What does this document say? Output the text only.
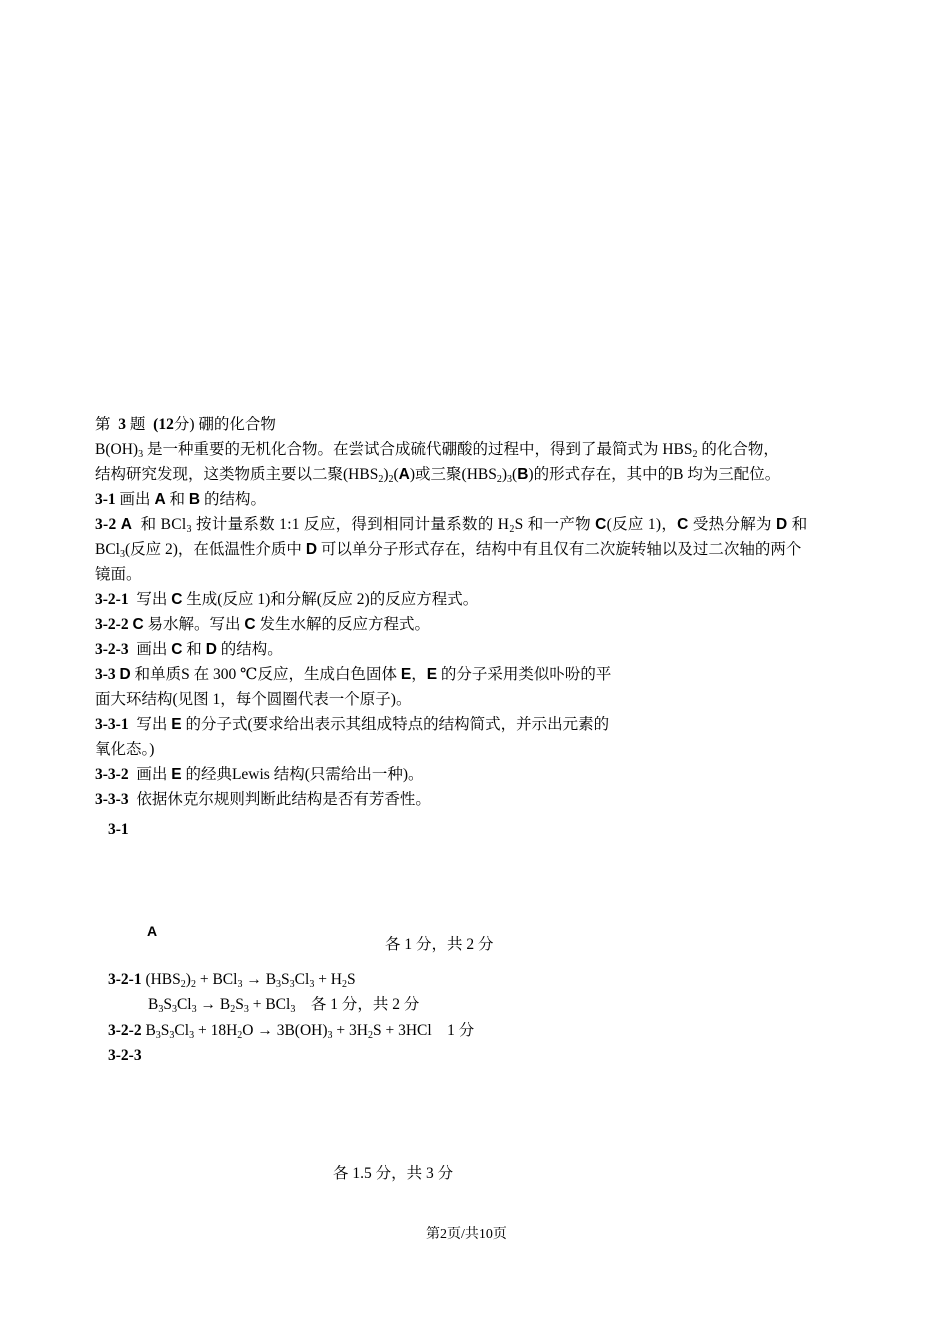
第 3 题 (12分) 硼的化合物
$B(OH)_3$ 是一种重要的无机化合物。在尝试合成硫代硼酸的过程中，得到了最简式为 $HBS_2$ 的化合物，
结构研究发现，这类物质主要以二聚$(HBS_2)_2(A)$或三聚$(HBS_2)_3(B)$的形式存在，其中的B 均为三配位。
3-1 画出 A 和 B 的结构。
3-2 A  和 BCl$_3$ 按计量系数 1:1 反应，得到相同计量系数的 $H_2S$ 和一产物 C(反应 1)，C 受热分解为 D 和
BCl$_3$(反应 2)，在低温性介质中 D 可以单分子形式存在，结构中有且仅有二次旋转轴以及过二次轴的两个
镜面。
3-2-1  写出 C 生成(反应 1)和分解(反应 2)的反应方程式。
3-2-2 C 易水解。写出 C 发生水解的反应方程式。
3-2-3  画出 C 和 D 的结构。
3-3 D 和单质S 在 300 ℃反应，生成白色固体 E，E 的分子采用类似卟吩的平
面大环结构(见图 1，每个圆圈代表一个原子)。
3-3-1  写出 E 的分子式(要求给出表示其组成特点的结构简式，并示出元素的
氧化态。)
3-3-2  画出 E 的经典Lewis 结构(只需给出一种)。
3-3-3  依据休克尔规则判断此结构是否有芳香性。
3-1
A
各 1 分，共 2 分
3-2-1 $(HBS_2)_2 + BCl_3 \to B_3S_3Cl_3 + H_2S$
$B_3S_3Cl_3 \to B_2S_3 + BCl_3$ 各 1 分，共 2 分
3-2-2 $B_3S_3Cl_3 + 18H_2O \to 3B(OH)_3 + 3H_2S + 3HCl$ 1 分
3-2-3
各 1.5 分，共 3 分
第2页/共10页
